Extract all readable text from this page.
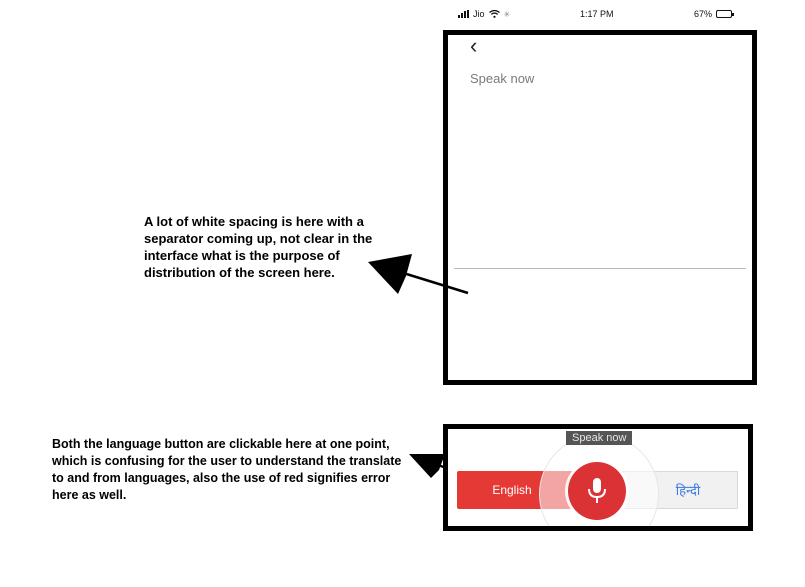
Jio ✳	1:17 PM	67%
‹
Speak now
A lot of white spacing is here with a separator coming up, not clear in the interface what is the purpose of distribution of the screen here.
Both the language button are clickable here at one point, which is confusing for the user to understand the translate to and from languages, also the use of red signifies error here as well.	English	हिन्दी
Speak now
